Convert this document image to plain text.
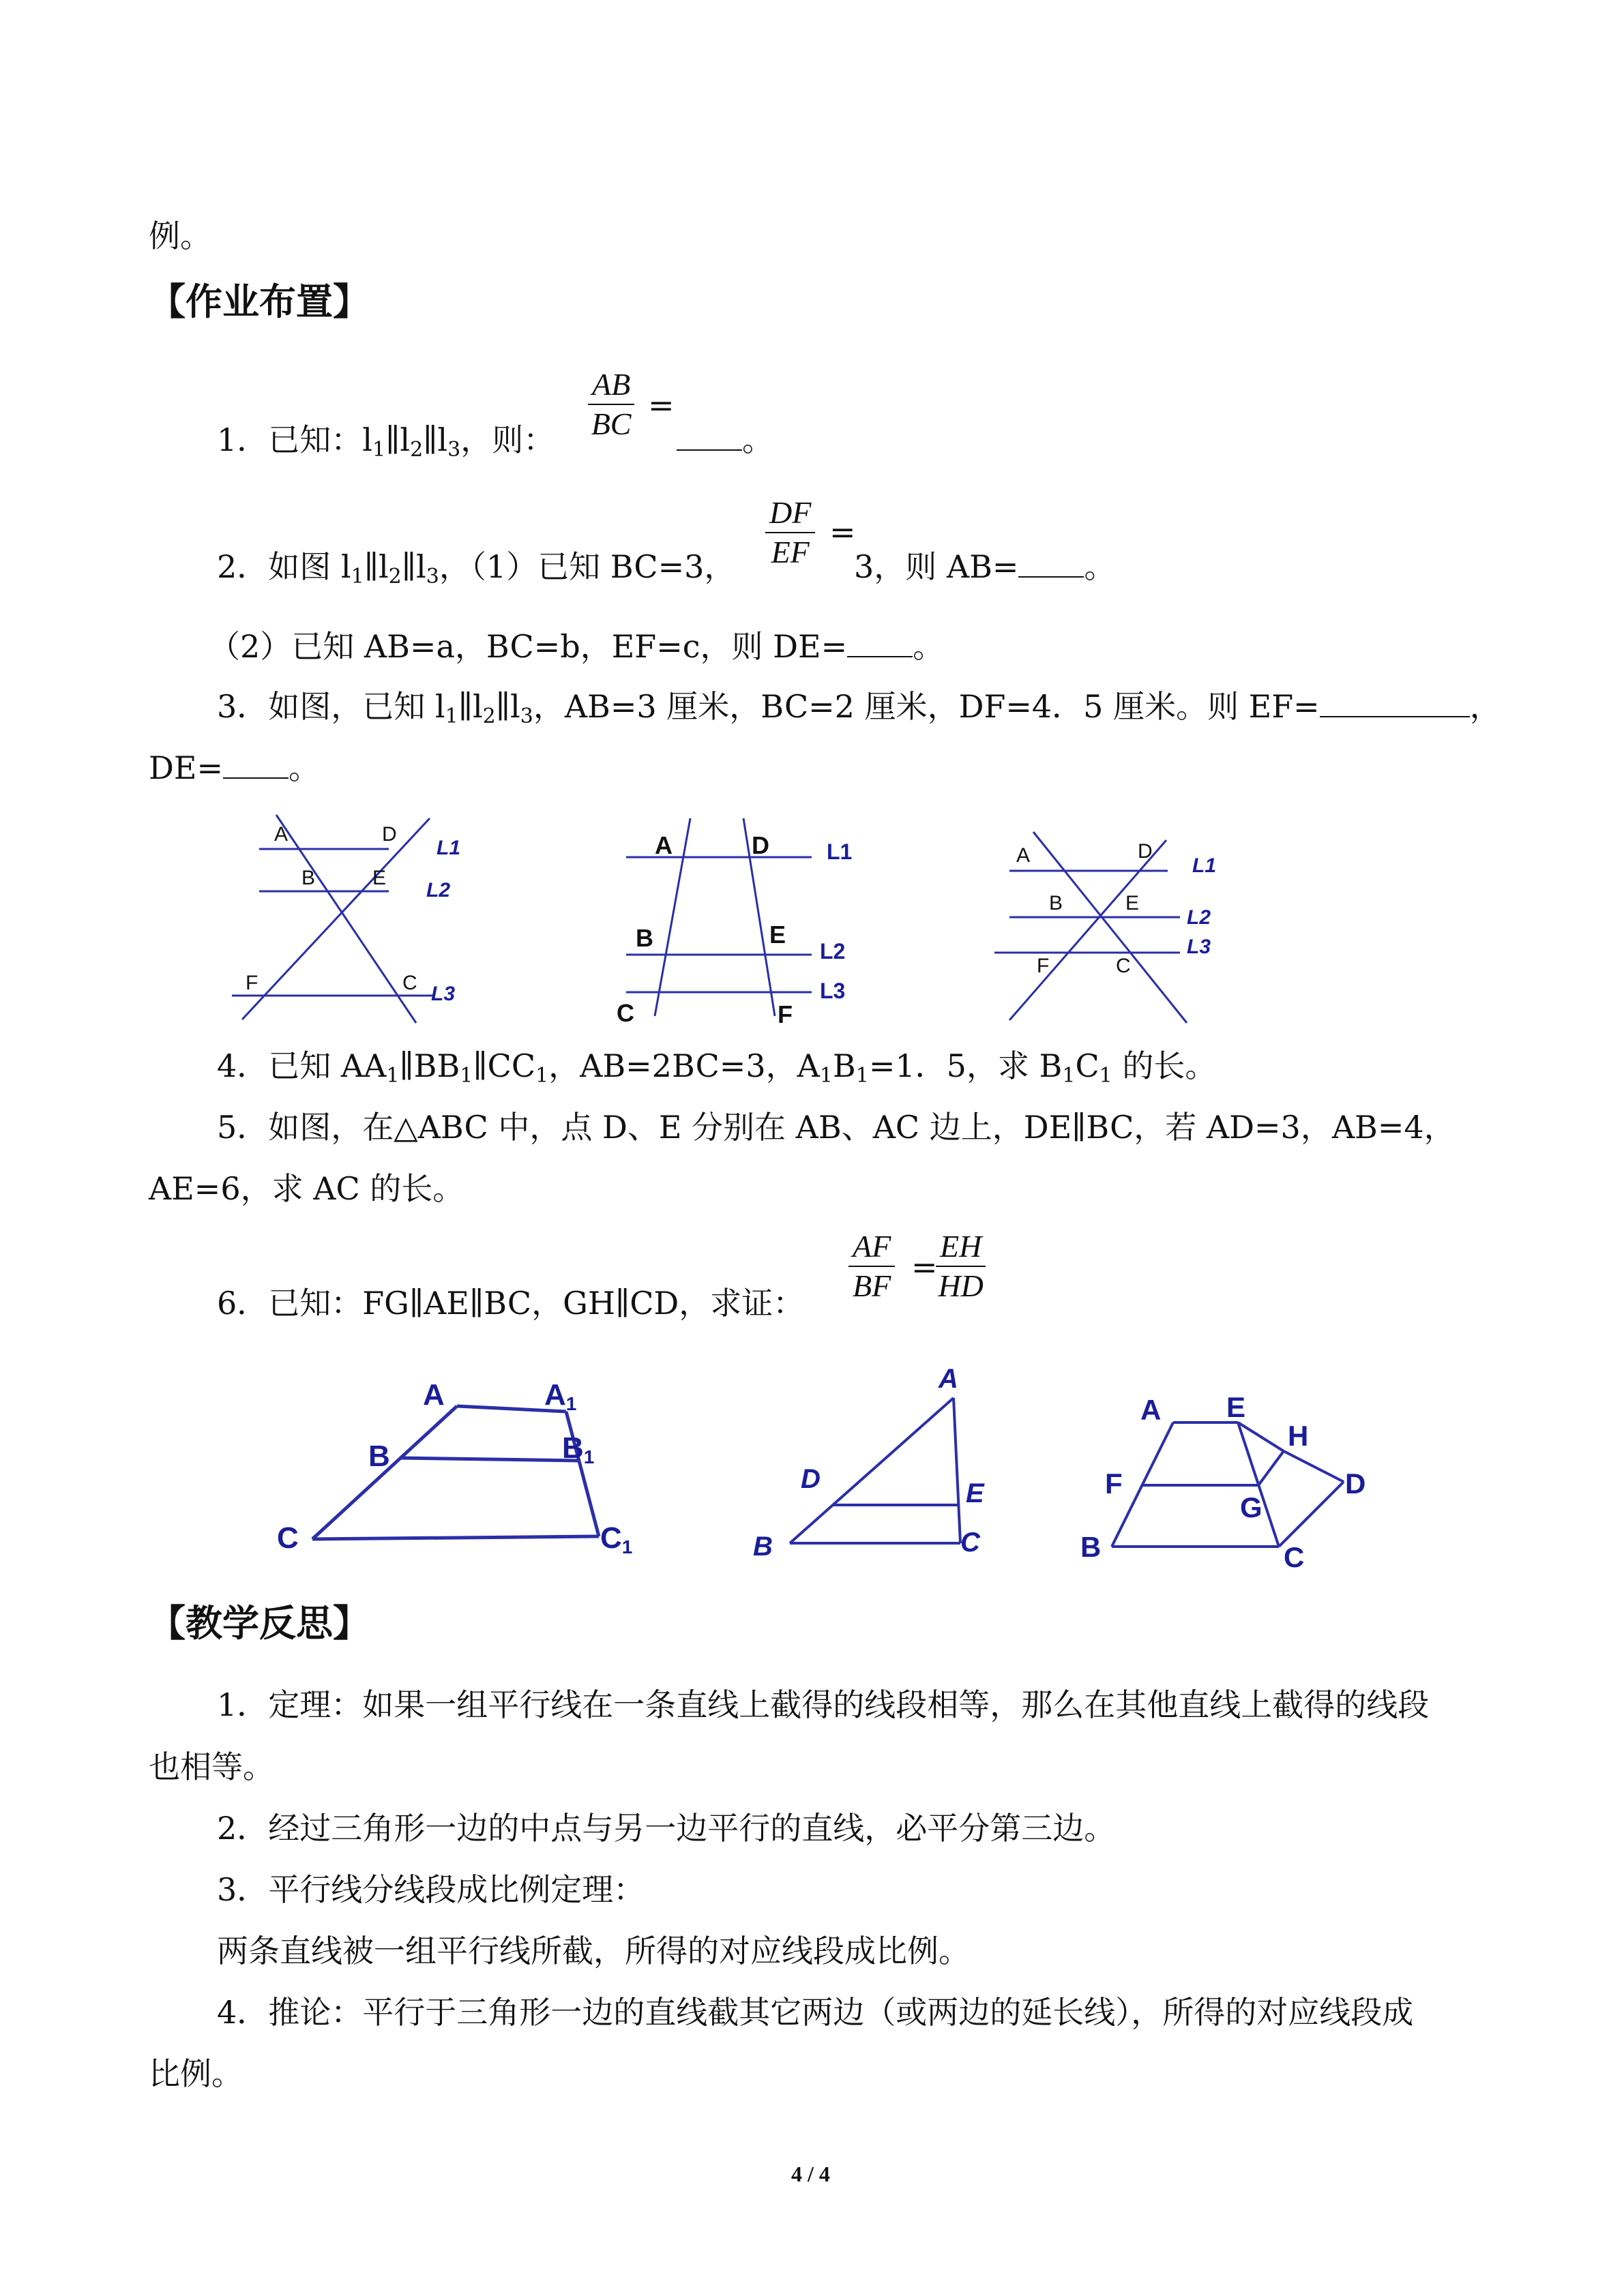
例。
【作业布置】
1．已知：$l_1\parallel l_2\parallel l_3$，则： $\frac{AB}{BC}$ =
。
2．如图 $l_1\parallel l_2\parallel l_3$，（1）已知 BC=3， $\frac{DF}{EF}$ =
3，则 AB= 。
（2）已知 AB=a，BC=b，EF=c，则 DE= 。
3．如图，已知 $l_1\parallel l_2\parallel l_3$，AB=3 厘米，BC=2 厘米，DF=4．5 厘米。则 EF=	，
DE= 。
A	D
B	E
F	C
L1
L2
L3
A	D
B	E
C	F
L1
L2
L3
A	D
B	E
F	C
L1
L2
L3
4．已知 $AA_1\parallel BB_1\parallel CC_1$，AB=2BC=3，$A_1B_1=1$．5，求 $B_1C_1$ 的长。
5．如图，在△ABC 中，点 D、E 分别在 AB、AC 边上，DE∥BC，若 AD=3，AB=4，
AE=6，求 AC 的长。
6．已知：FG∥AE∥BC，GH∥CD，求证： $\frac{AF}{BF}$ =
$\frac{EH}{HD}$
A	A1
B	B1
C	C1
A
D	E
B	C
A E
H
F	D
B
G
C
【教学反思】
1．定理：如果一组平行线在一条直线上截得的线段相等，那么在其他直线上截得的线段
也相等。
2．经过三角形一边的中点与另一边平行的直线，必平分第三边。
3．平行线分线段成比例定理：
两条直线被一组平行线所截，所得的对应线段成比例。
4．推论：平行于三角形一边的直线截其它两边（或两边的延长线），所得的对应线段成
比例。
4 / 4
